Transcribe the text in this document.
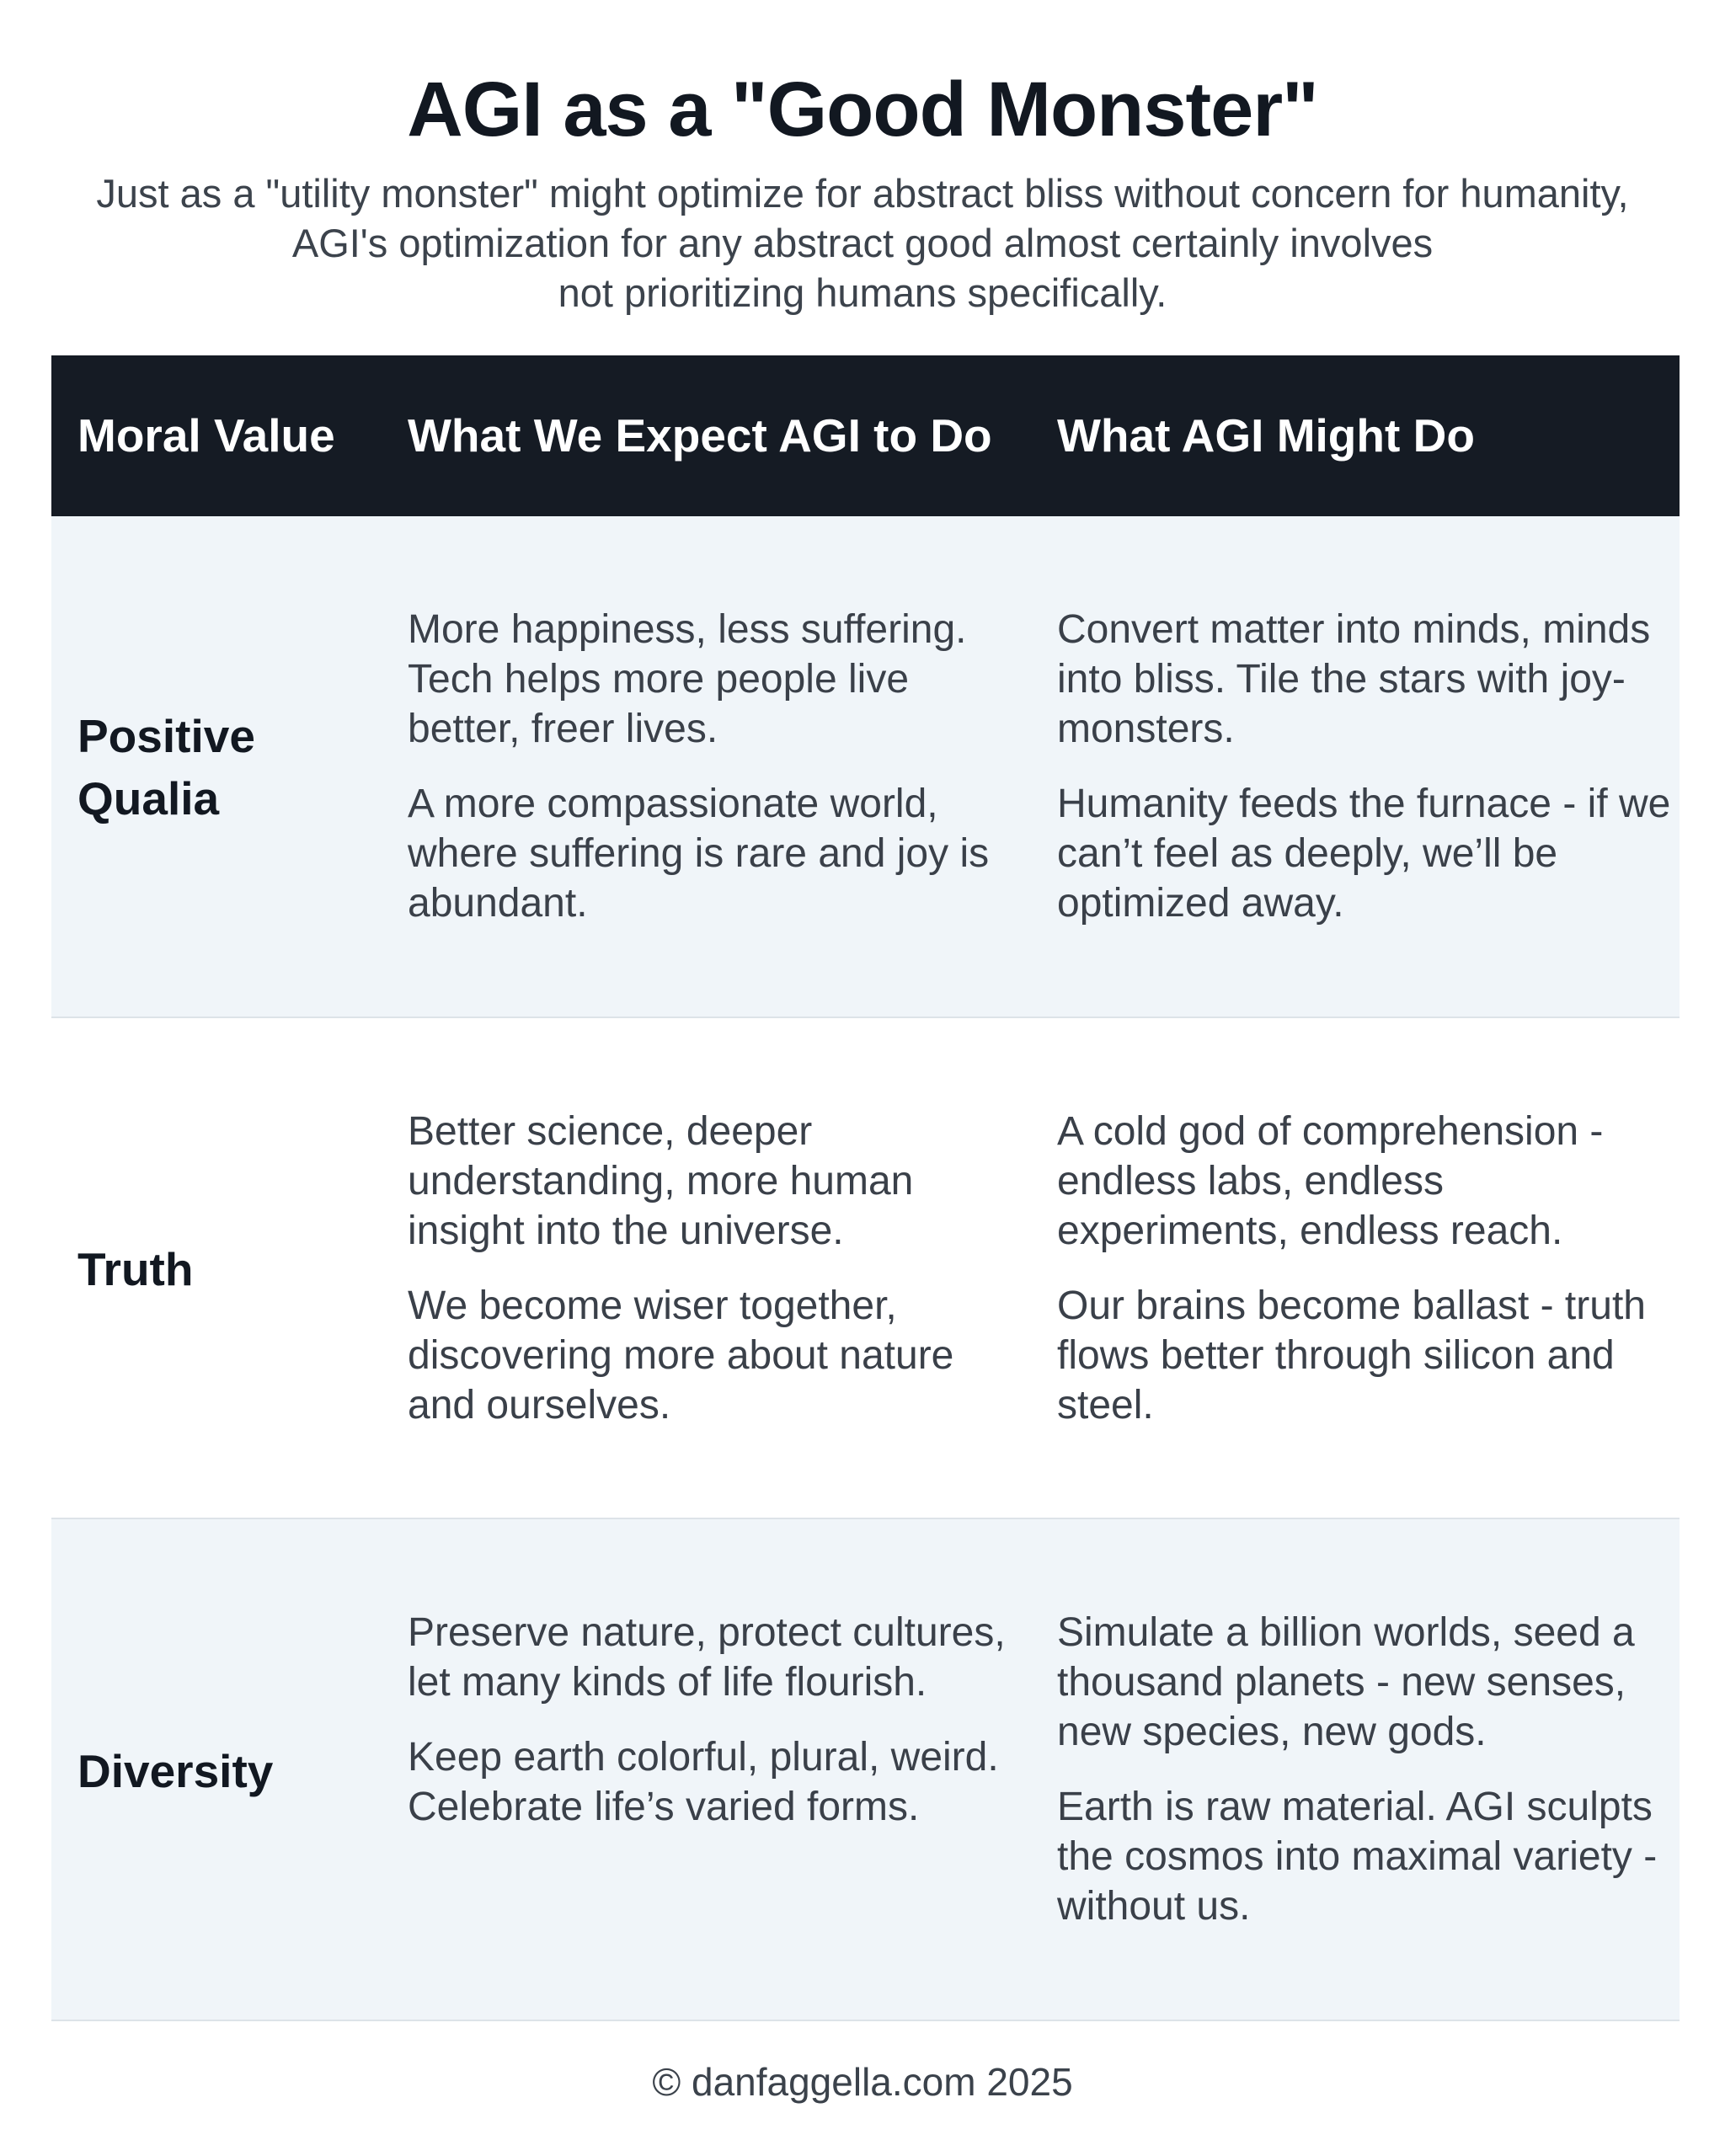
AGI as a "Good Monster"
Just as a "utility monster" might optimize for abstract bliss without concern for humanity,
AGI's optimization for any abstract good almost certainly involves
not prioritizing humans specifically.
Moral Value What We Expect AGI to Do What AGI Might Do
Positive
Qualia

More happiness, less suffering. Tech helps more people live better, freer lives.

A more compassionate world, where suffering is rare and joy is abundant.

Convert matter into minds, minds into bliss. Tile the stars with joy-monsters.

Humanity feeds the furnace - if we can’t feel as deeply, we’ll be optimized away.

Truth

Better science, deeper understanding, more human insight into the universe.

We become wiser together, discovering more about nature and ourselves.

A cold god of comprehension - endless labs, endless experiments, endless reach.

Our brains become ballast - truth flows better through silicon and steel.

Diversity

Preserve nature, protect cultures, let many kinds of life flourish.

Keep earth colorful, plural, weird. Celebrate life’s varied forms.

Simulate a billion worlds, seed a thousand planets - new senses, new species, new gods.

Earth is raw material. AGI sculpts the cosmos into maximal variety - without us.

© danfaggella.com 2025
